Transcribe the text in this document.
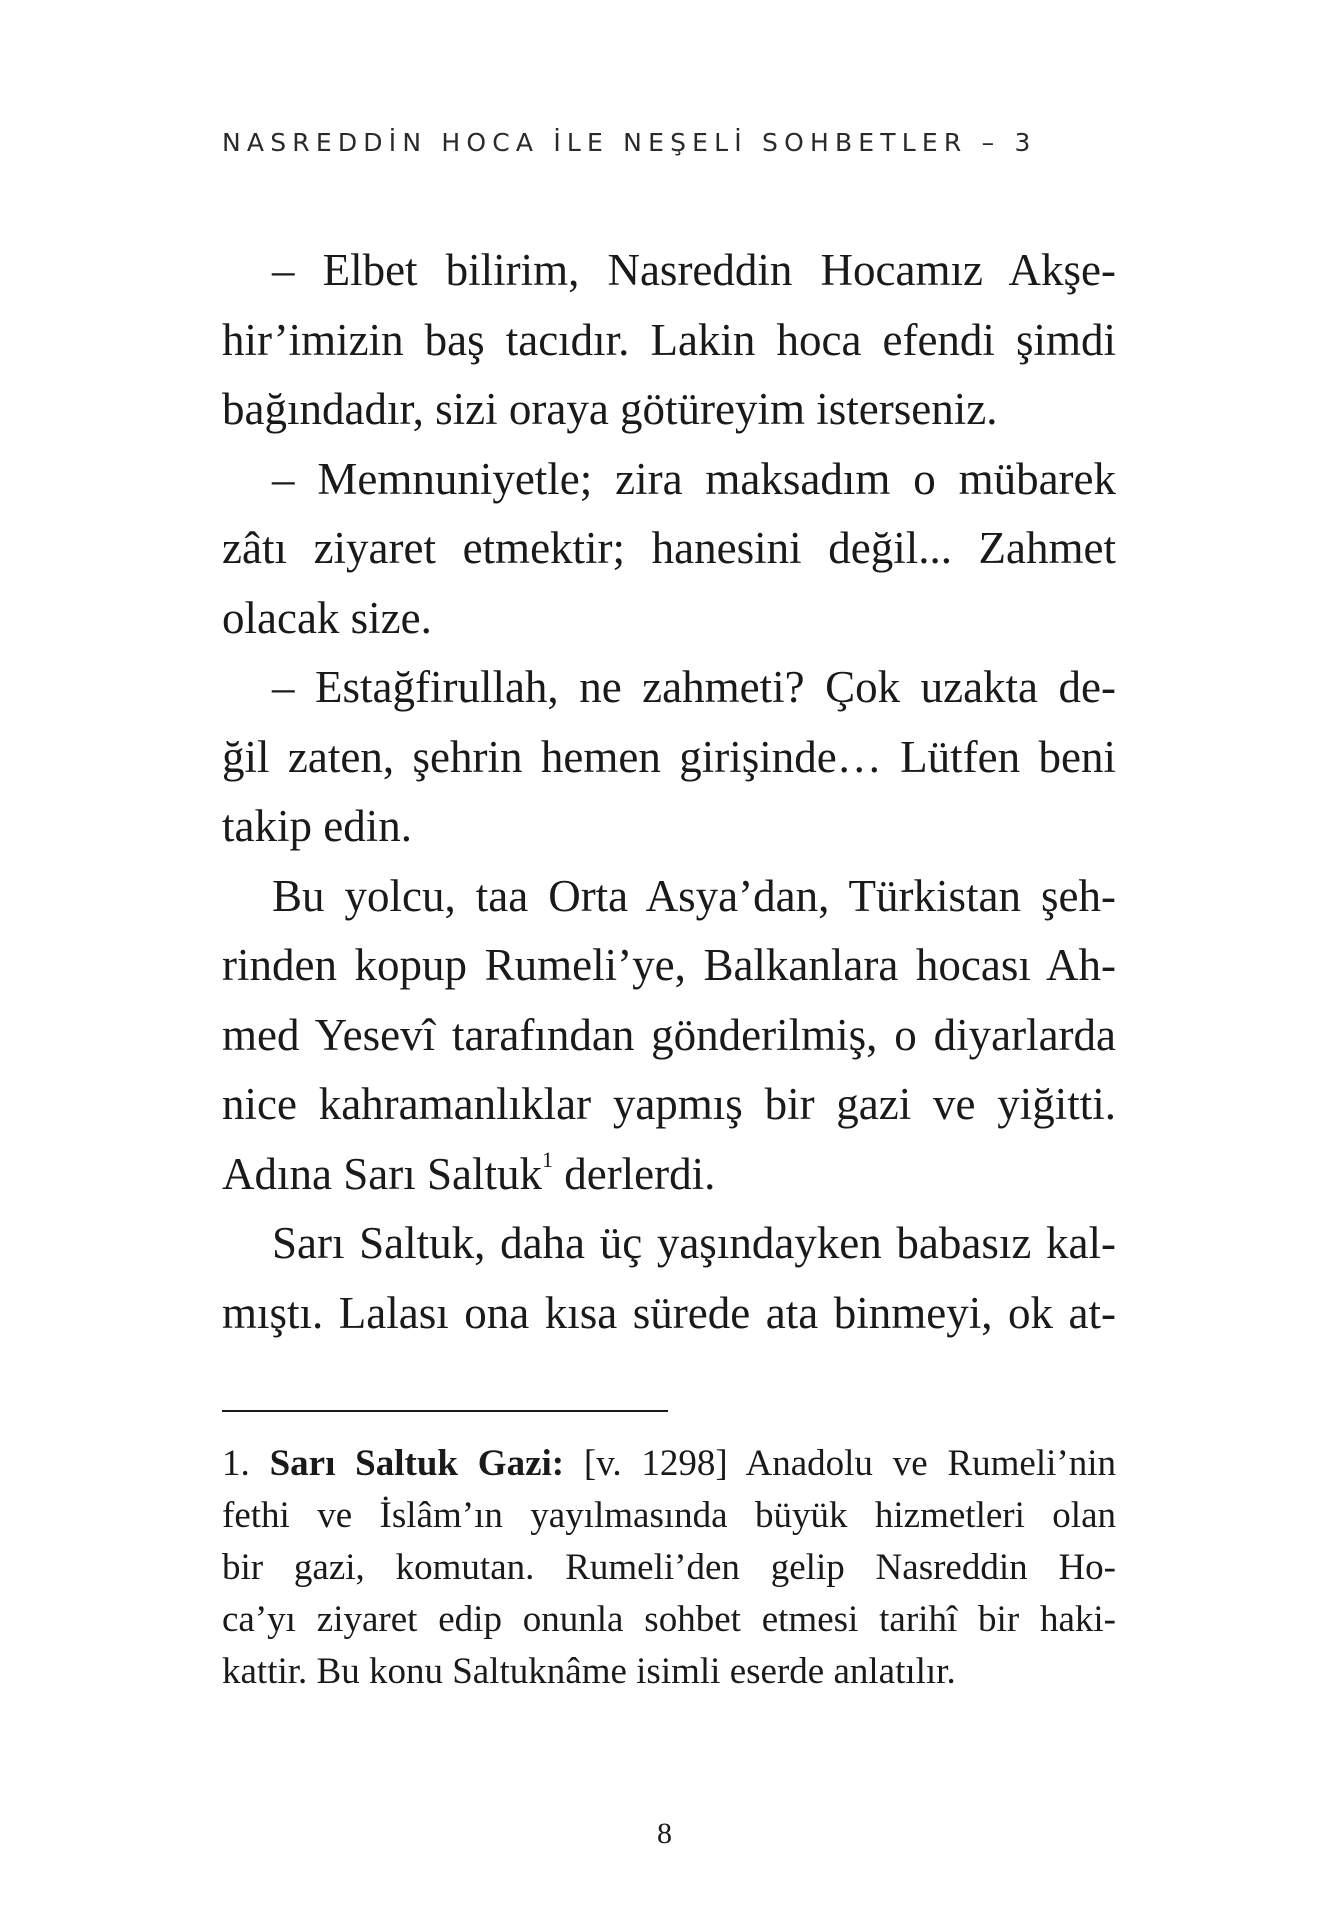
NASREDDİN HOCA İLE NEŞELİ SOHBETLER – 3
– Elbet bilirim, Nasreddin Hocamız Akşe-
hir’imizin baş tacıdır. Lakin hoca efendi şimdi
bağındadır, sizi oraya götüreyim isterseniz.
– Memnuniyetle; zira maksadım o mübarek
zâtı ziyaret etmektir; hanesini değil... Zahmet
olacak size.
– Estağfirullah, ne zahmeti? Çok uzakta de-
ğil zaten, şehrin hemen girişinde… Lütfen beni
takip edin.
Bu yolcu, taa Orta Asya’dan, Türkistan şeh-
rinden kopup Rumeli’ye, Balkanlara hocası Ah-
med Yesevî tarafından gönderilmiş, o diyarlarda
nice kahramanlıklar yapmış bir gazi ve yiğitti.
Adına Sarı Saltuk$^1$ derlerdi.
Sarı Saltuk, daha üç yaşındayken babasız kal-
mıştı. Lalası ona kısa sürede ata binmeyi, ok at-
1. Sarı Saltuk Gazi: [v. 1298] Anadolu ve Rumeli’nin
fethi ve İslâm’ın yayılmasında büyük hizmetleri olan
bir gazi, komutan. Rumeli’den gelip Nasreddin Ho-
ca’yı ziyaret edip onunla sohbet etmesi tarihî bir haki-
kattir. Bu konu Saltuknâme isimli eserde anlatılır.
8
